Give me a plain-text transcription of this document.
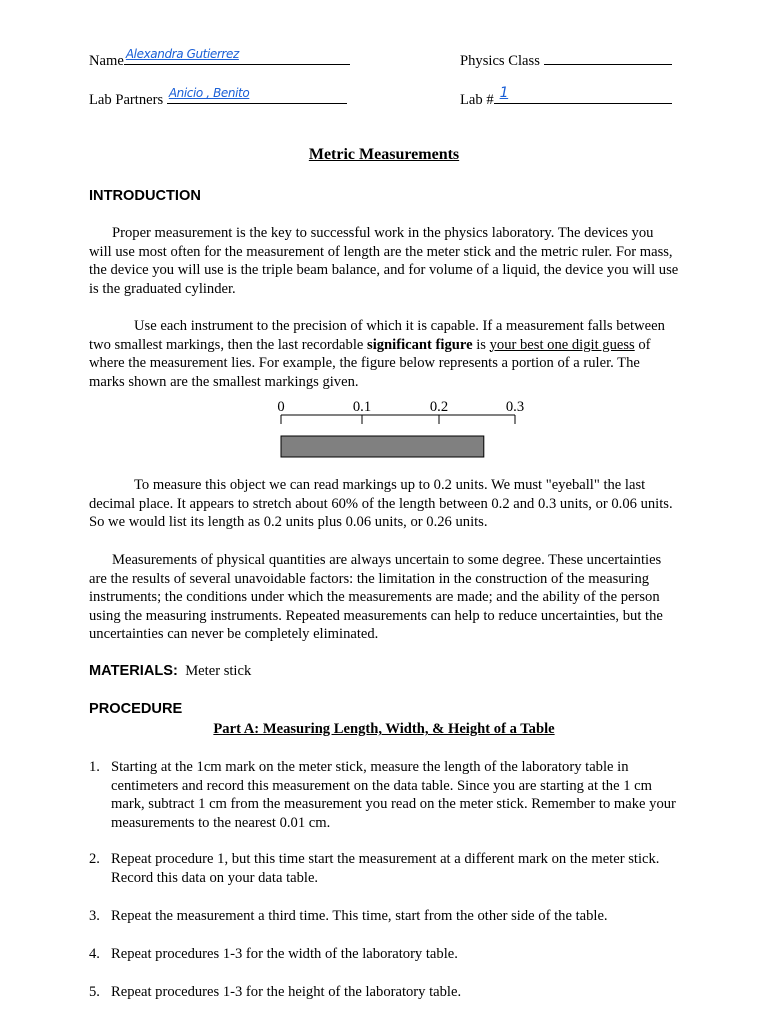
Name Alexandra Gutierrez	Physics Class
Lab Partners Anicio , Benito	Lab # 1
Metric Measurements
INTRODUCTION

Proper measurement is the key to successful work in the physics laboratory. The devices you will use most often for the measurement of length are the meter stick and the metric ruler. For mass, the device you will use is the triple beam balance, and for volume of a liquid, the device you will use is the graduated cylinder.

Use each instrument to the precision of which it is capable. If a measurement falls between two smallest markings, then the last recordable significant figure is your best one digit guess of where the measurement lies. For example, the figure below represents a portion of a ruler. The marks shown are the smallest markings given.

0	0.1	0.2	0.3

To measure this object we can read markings up to 0.2 units. We must "eyeball" the last decimal place. It appears to stretch about 60% of the length between 0.2 and 0.3 units, or 0.06 units. So we would list its length as 0.2 units plus 0.06 units, or 0.26 units.

Measurements of physical quantities are always uncertain to some degree. These uncertainties are the results of several unavoidable factors: the limitation in the construction of the measuring instruments; the conditions under which the measurements are made; and the ability of the person using the measuring instruments. Repeated measurements can help to reduce uncertainties, but the uncertainties can never be completely eliminated.

MATERIALS: Meter stick
PROCEDURE
Part A: Measuring Length, Width, & Height of a Table
1. Starting at the 1cm mark on the meter stick, measure the length of the laboratory table in centimeters and record this measurement on the data table. Since you are starting at the 1 cm mark, subtract 1 cm from the measurement you read on the meter stick. Remember to make your measurements to the nearest 0.01 cm.
2. Repeat procedure 1, but this time start the measurement at a different mark on the meter stick. Record this data on your data table.
3. Repeat the measurement a third time. This time, start from the other side of the table.
4. Repeat procedures 1-3 for the width of the laboratory table.
5. Repeat procedures 1-3 for the height of the laboratory table.
